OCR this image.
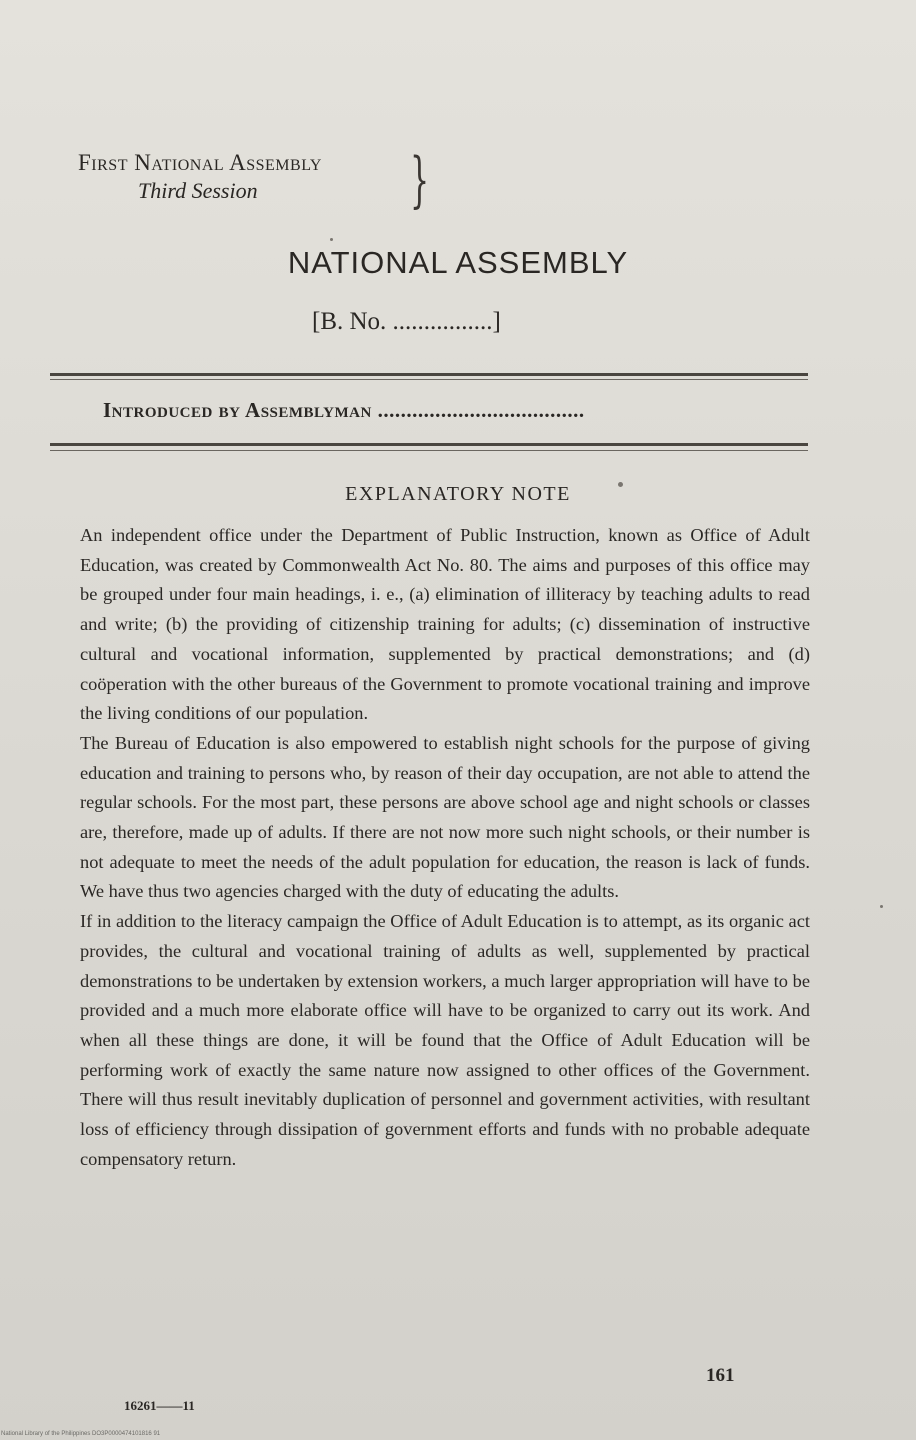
First National Assembly
Third Session	}
NATIONAL ASSEMBLY
[B. No. ................]
Introduced by Assemblyman ....................................
EXPLANATORY NOTE

An independent office under the Department of Public Instruction, known as Office of Adult Education, was created by Commonwealth Act No. 80. The aims and purposes of this office may be grouped under four main headings, i. e., (a) elimination of illiteracy by teaching adults to read and write; (b) the providing of citizenship training for adults; (c) dissemination of instructive cultural and vocational information, supplemented by practical demonstrations; and (d) coöperation with the other bureaus of the Government to promote vocational training and improve the living conditions of our population.

The Bureau of Education is also empowered to establish night schools for the purpose of giving education and training to persons who, by reason of their day occupation, are not able to attend the regular schools. For the most part, these persons are above school age and night schools or classes are, therefore, made up of adults. If there are not now more such night schools, or their number is not adequate to meet the needs of the adult population for education, the reason is lack of funds. We have thus two agencies charged with the duty of educating the adults.

If in addition to the literacy campaign the Office of Adult Education is to attempt, as its organic act provides, the cultural and vocational training of adults as well, supplemented by practical demonstrations to be undertaken by extension workers, a much larger appropriation will have to be provided and a much more elaborate office will have to be organized to carry out its work. And when all these things are done, it will be found that the Office of Adult Education will be performing work of exactly the same nature now assigned to other offices of the Government. There will thus result inevitably duplication of personnel and government activities, with resultant loss of efficiency through dissipation of government efforts and funds with no probable adequate compensatory return.

161
16261——11
National Library of the Philippines DO3P0000474101816 91
